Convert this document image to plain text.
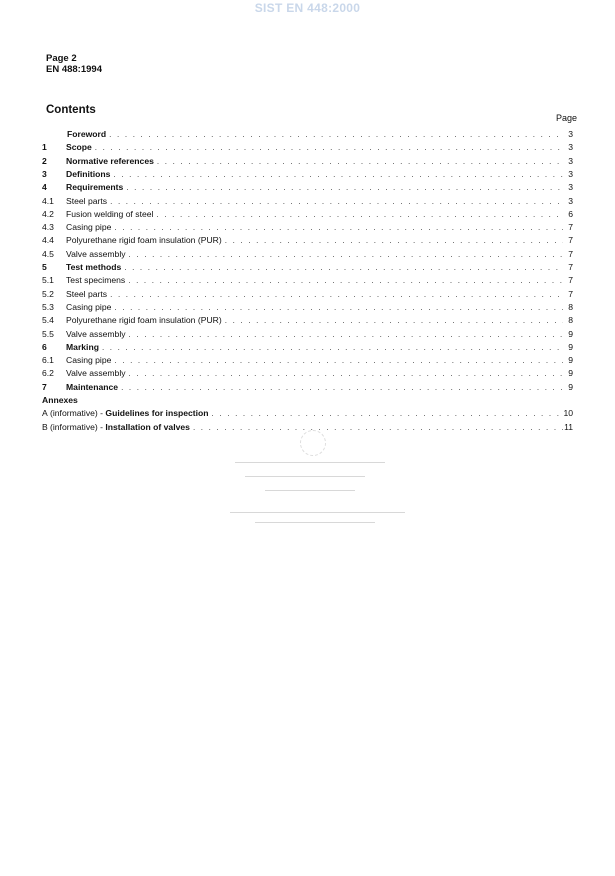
SIST EN 448:2000
Page 2
EN 488:1994
Contents
Page
Foreword . . .	3
1 Scope . . .	3
2 Normative references . . .	3
3 Definitions . . .	3
4 Requirements . . .	3
4.1 Steel parts . . .	3
4.2 Fusion welding of steel . . .	6
4.3 Casing pipe . . .	7
4.4 Polyurethane rigid foam insulation (PUR) . . .	7
4.5 Valve assembly . . .	7
5 Test methods . . .	7
5.1 Test specimens . . .	7
5.2 Steel parts . . .	7
5.3 Casing pipe . . .	8
5.4 Polyurethane rigid foam insulation (PUR) . . .	8
5.5 Valve assembly . . .	9
6 Marking . . .	9
6.1 Casing pipe . . .	9
6.2 Valve assembly . . .	9
7 Maintenance . . .	9
Annexes
A (informative) - Guidelines for inspection . . .	10
B (informative) - Installation of valves . . .	11
